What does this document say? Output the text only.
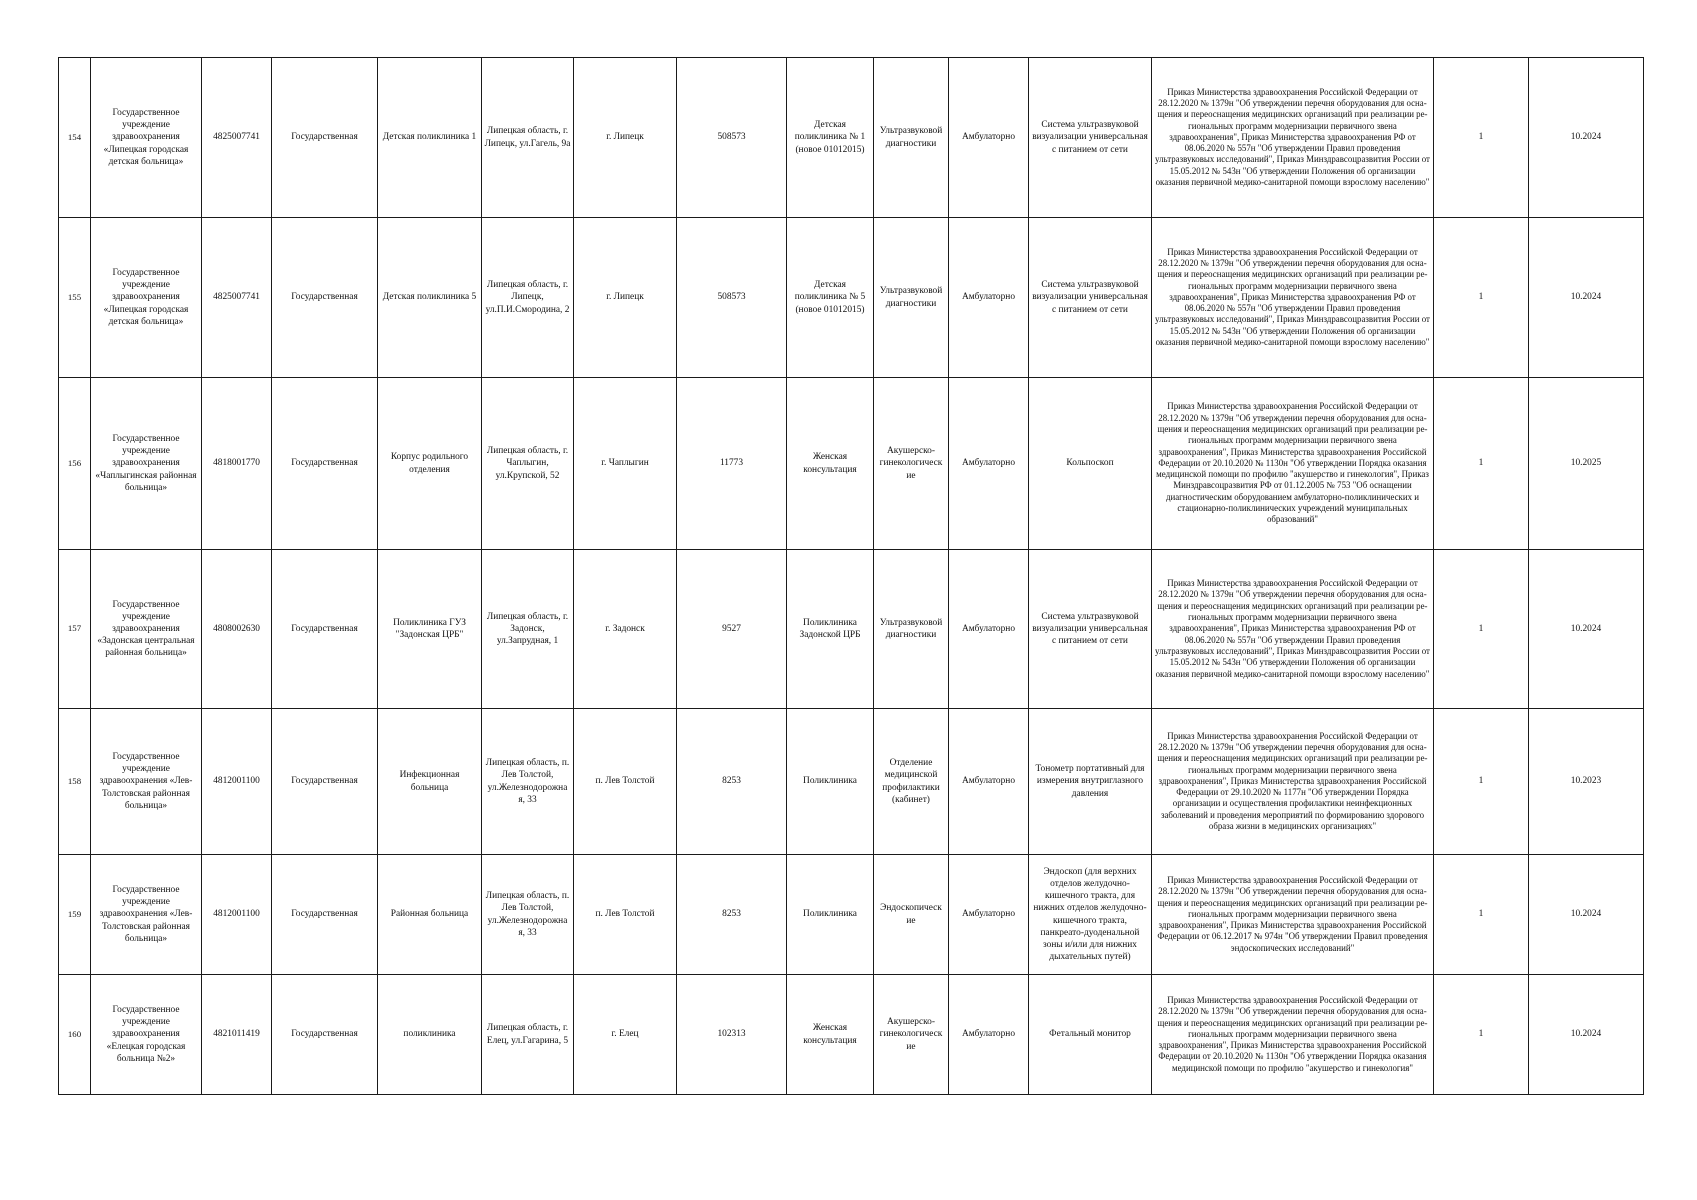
154	Государственное учреждение здравоохранения «Липецкая городская детская больница»	4825007741	Государственная	Детская поликлиника 1	Липецкая область, г. Липецк, ул.Гагель, 9а	г. Липецк	508573	Детская поликлиника № 1 (новое 01012015)	Ультразвуковой диагностики	Амбулаторно	Система ультразвуковой визуализации универсальная с питанием от сети	Приказ Министерства здравоохранения Российской Федерации от 28.12.2020 № 1379н "Об утверждении перечня оборудования для осна-щения и переоснащения медицинских организаций при реализации ре-гиональных программ модернизации первичного звена здравоохранения", Приказ Министерства здравоохранения РФ от 08.06.2020 № 557н "Об утверждении Правил проведения ультразвуковых исследований", Приказ Минздравсоцразвития России от 15.05.2012 № 543н "Об утверждении Положения об организации оказания первичной медико-санитарной помощи взрослому населению"	1	10.2024
155	Государственное учреждение здравоохранения «Липецкая городская детская больница»	4825007741	Государственная	Детская поликлиника 5	Липецкая область, г. Липецк, ул.П.И.Смородина, 2	г. Липецк	508573	Детская поликлиника № 5 (новое 01012015)	Ультразвуковой диагностики	Амбулаторно	Система ультразвуковой визуализации универсальная с питанием от сети	Приказ Министерства здравоохранения Российской Федерации от 28.12.2020 № 1379н "Об утверждении перечня оборудования для осна-щения и переоснащения медицинских организаций при реализации ре-гиональных программ модернизации первичного звена здравоохранения", Приказ Министерства здравоохранения РФ от 08.06.2020 № 557н "Об утверждении Правил проведения ультразвуковых исследований", Приказ Минздравсоцразвития России от 15.05.2012 № 543н "Об утверждении Положения об организации оказания первичной медико-санитарной помощи взрослому населению"	1	10.2024
156	Государственное учреждение здравоохранения «Чаплыгинская районная больница»	4818001770	Государственная	Корпус родильного отделения	Липецкая область, г. Чаплыгин, ул.Крупской, 52	г. Чаплыгин	11773	Женская консультация	Акушерско-гинекологическ ие	Амбулаторно	Кольпоскоп	Приказ Министерства здравоохранения Российской Федерации от 28.12.2020 № 1379н "Об утверждении перечня оборудования для осна-щения и переоснащения медицинских организаций при реализации ре-гиональных программ модернизации первичного звена здравоохранения", Приказ Министерства здравоохранения Российской Федерации от 20.10.2020 № 1130н "Об утверждении Порядка оказания медицинской помощи по профилю "акушерство и гинекология", Приказ Минздравсоцразвития РФ от 01.12.2005 № 753 "Об оснащении диагностическим оборудованием амбулаторно-поликлинических и стационарно-поликлинических учреждений муниципальных образований"	1	10.2025
157	Государственное учреждение здравоохранения «Задонская центральная районная больница»	4808002630	Государственная	Поликлиника ГУЗ "Задонская ЦРБ"	Липецкая область, г. Задонск, ул.Запрудная, 1	г. Задонск	9527	Поликлиника Задонской ЦРБ	Ультразвуковой диагностики	Амбулаторно	Система ультразвуковой визуализации универсальная с питанием от сети	Приказ Министерства здравоохранения Российской Федерации от 28.12.2020 № 1379н "Об утверждении перечня оборудования для осна-щения и переоснащения медицинских организаций при реализации ре-гиональных программ модернизации первичного звена здравоохранения", Приказ Министерства здравоохранения РФ от 08.06.2020 № 557н "Об утверждении Правил проведения ультразвуковых исследований", Приказ Минздравсоцразвития России от 15.05.2012 № 543н "Об утверждении Положения об организации оказания первичной медико-санитарной помощи взрослому населению"	1	10.2024
158	Государственное учреждение здравоохранения «Лев-Толстовская районная больница»	4812001100	Государственная	Инфекционная больница	Липецкая область, п. Лев Толстой, ул.Железнодорожна я, 33	п. Лев Толстой	8253	Поликлиника	Отделение медицинской профилактики (кабинет)	Амбулаторно	Тонометр портативный для измерения внутриглазного давления	Приказ Министерства здравоохранения Российской Федерации от 28.12.2020 № 1379н "Об утверждении перечня оборудования для осна-щения и переоснащения медицинских организаций при реализации ре-гиональных программ модернизации первичного звена здравоохранения", Приказ Министерства здравоохранения Российской Федерации от 29.10.2020 № 1177н "Об утверждении Порядка организации и осуществления профилактики неинфекционных заболеваний и проведения мероприятий по формированию здорового образа жизни в медицинских организациях"	1	10.2023
159	Государственное учреждение здравоохранения «Лев-Толстовская районная больница»	4812001100	Государственная	Районная больница	Липецкая область, п. Лев Толстой, ул.Железнодорожна я, 33	п. Лев Толстой	8253	Поликлиника	Эндоскопическ ие	Амбулаторно	Эндоскоп (для верхних отделов желудочно-кишечного тракта, для нижних отделов желудочно-кишечного тракта, панкреато-дуоденальной зоны и/или для нижних дыхательных путей)	Приказ Министерства здравоохранения Российской Федерации от 28.12.2020 № 1379н "Об утверждении перечня оборудования для осна-щения и переоснащения медицинских организаций при реализации ре-гиональных программ модернизации первичного звена здравоохранения", Приказ Министерства здравоохранения Российской Федерации от 06.12.2017 № 974н "Об утверждении Правил проведения эндоскопических исследований"	1	10.2024
160	Государственное учреждение здравоохранения «Елецкая городская больница №2»	4821011419	Государственная	поликлиника	Липецкая область, г. Елец, ул.Гагарина, 5	г. Елец	102313	Женская консультация	Акушерско-гинекологическ ие	Амбулаторно	Фетальный монитор	Приказ Министерства здравоохранения Российской Федерации от 28.12.2020 № 1379н "Об утверждении перечня оборудования для осна-щения и переоснащения медицинских организаций при реализации ре-гиональных программ модернизации первичного звена здравоохранения", Приказ Министерства здравоохранения Российской Федерации от 20.10.2020 № 1130н "Об утверждении Порядка оказания медицинской помощи по профилю "акушерство и гинекология"	1	10.2024
